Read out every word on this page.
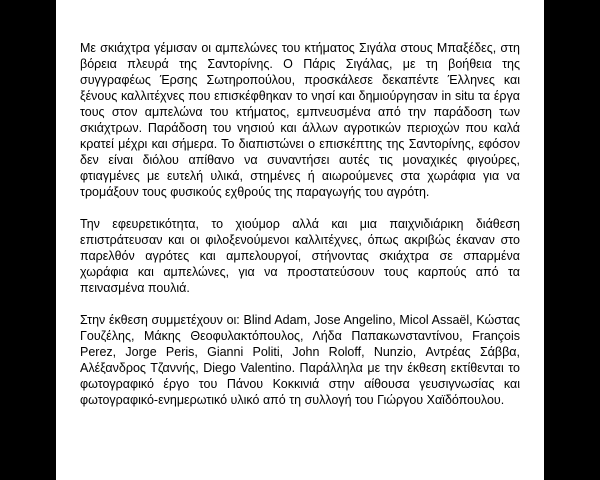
Με σκιάχτρα γέμισαν οι αμπελώνες του κτήματος Σιγάλα στους Μπαξέδες, στη βόρεια πλευρά της Σαντορίνης. Ο Πάρις Σιγάλας, με τη βοήθεια της συγγραφέως Έρσης Σωτηροπούλου, προσκάλεσε δεκαπέντε Έλληνες και ξένους καλλιτέχνες που επισκέφθηκαν το νησί και δημιούργησαν in situ τα έργα τους στον αμπελώνα του κτήματος, εμπνευσμένα από την παράδοση των σκιάχτρων. Παράδοση του νησιού και άλλων αγροτικών περιοχών που καλά κρατεί μέχρι και σήμερα. Το διαπιστώνει ο επισκέπτης της Σαντορίνης, εφόσον δεν είναι διόλου απίθανο να συναντήσει αυτές τις μοναχικές φιγούρες, φτιαγμένες με ευτελή υλικά, στημένες ή αιωρούμενες στα χωράφια για να τρομάξουν τους φυσικούς εχθρούς της παραγωγής του αγρότη.

Την εφευρετικότητα, το χιούμορ αλλά και μια παιχνιδιάρικη διάθεση επιστράτευσαν και οι φιλοξενούμενοι καλλιτέχνες, όπως ακριβώς έκαναν στο παρελθόν αγρότες και αμπελουργοί, στήνοντας σκιάχτρα σε σπαρμένα χωράφια και αμπελώνες, για να προστατεύσουν τους καρπούς από τα πεινασμένα πουλιά.

Στην έκθεση συμμετέχουν οι: Blind Adam, Jose Angelino, Micol Assaël, Κώστας Γουζέλης, Μάκης Θεοφυλακτόπουλος, Λήδα Παπακωνσταντίνου, François Perez, Jorge Peris, Gianni Politi, John Roloff, Nunzio, Αντρέας Σάββα, Αλέξανδρος Τζαννής, Diego Valentino. Παράλληλα με την έκθεση εκτίθενται το φωτογραφικό έργο του Πάνου Κοκκινιά στην αίθουσα γευσιγνωσίας και φωτογραφικό-ενημερωτικό υλικό από τη συλλογή του Γιώργου Χαϊδόπουλου.
